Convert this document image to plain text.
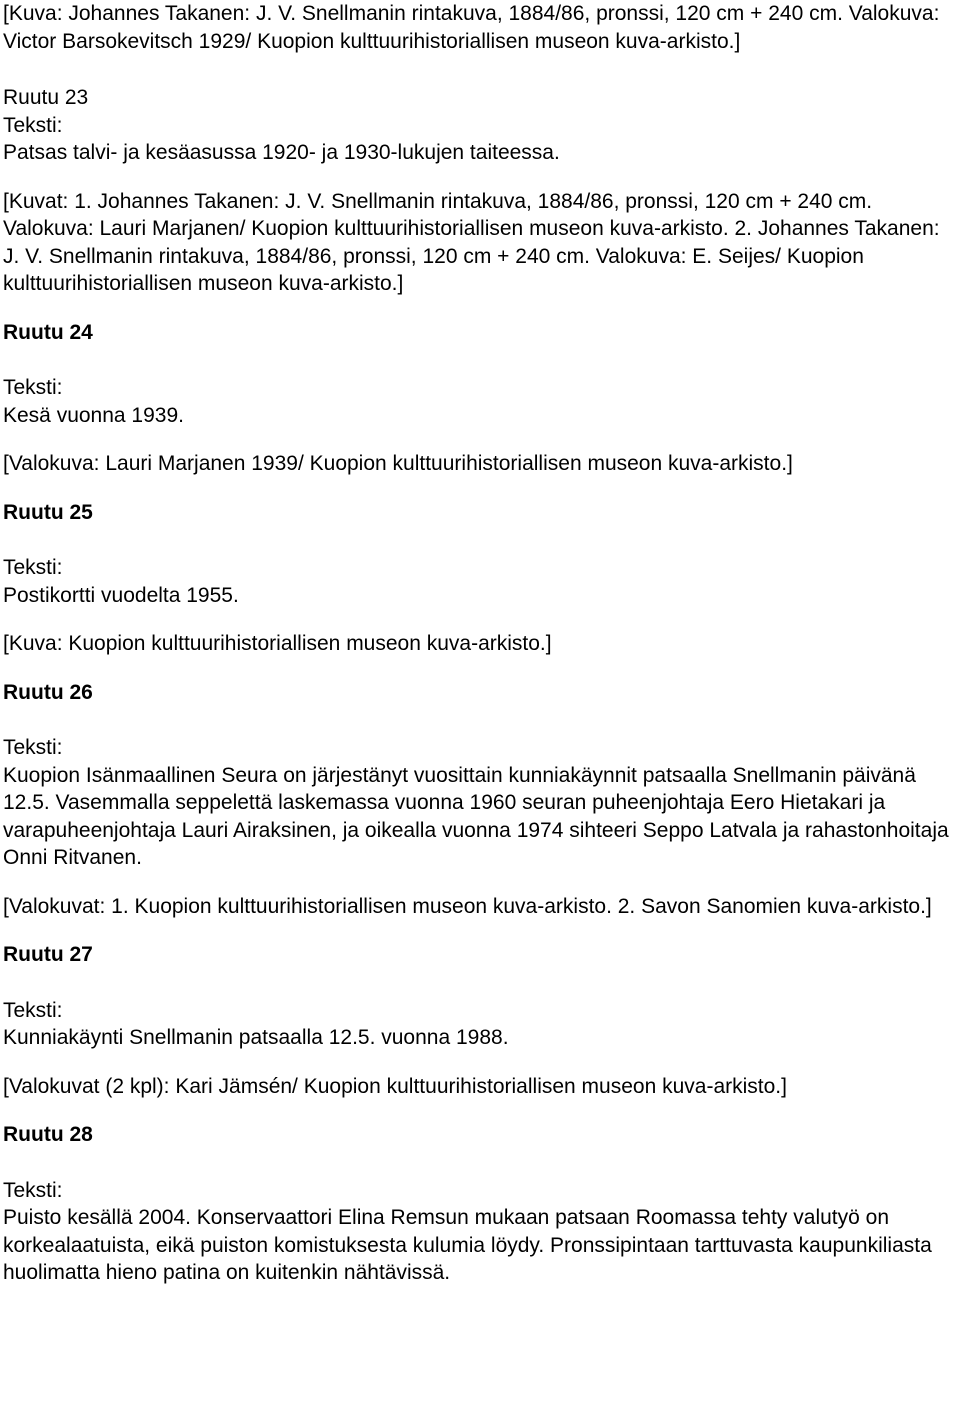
[Kuva: Johannes Takanen: J. V. Snellmanin rintakuva, 1884/86, pronssi, 120 cm + 240 cm. Valokuva: Victor Barsokevitsch 1929/ Kuopion kulttuurihistoriallisen museon kuva-arkisto.]

Ruutu 23

Teksti:

Patsas talvi- ja kesäasussa 1920- ja 1930-lukujen taiteessa.

[Kuvat: 1. Johannes Takanen: J. V. Snellmanin rintakuva, 1884/86, pronssi, 120 cm + 240 cm. Valokuva: Lauri Marjanen/ Kuopion kulttuurihistoriallisen museon kuva-arkisto. 2. Johannes Takanen: J. V. Snellmanin rintakuva, 1884/86, pronssi, 120 cm + 240 cm. Valokuva: E. Seijes/ Kuopion kulttuurihistoriallisen museon kuva-arkisto.]

Ruutu 24

Teksti:

Kesä vuonna 1939.

[Valokuva: Lauri Marjanen 1939/ Kuopion kulttuurihistoriallisen museon kuva-arkisto.]

Ruutu 25

Teksti:

Postikortti vuodelta 1955.

[Kuva: Kuopion kulttuurihistoriallisen museon kuva-arkisto.]

Ruutu 26

Teksti:

Kuopion Isänmaallinen Seura on järjestänyt vuosittain kunniakäynnit patsaalla Snellmanin päivänä 12.5. Vasemmalla seppelettä laskemassa vuonna 1960 seuran puheenjohtaja Eero Hietakari ja varapuheenjohtaja Lauri Airaksinen, ja oikealla vuonna 1974 sihteeri Seppo Latvala ja rahastonhoitaja Onni Ritvanen.

[Valokuvat: 1. Kuopion kulttuurihistoriallisen museon kuva-arkisto. 2. Savon Sanomien kuva-arkisto.]

Ruutu 27

Teksti:

Kunniakäynti Snellmanin patsaalla 12.5. vuonna 1988.

[Valokuvat (2 kpl): Kari Jämsén/ Kuopion kulttuurihistoriallisen museon kuva-arkisto.]

Ruutu 28

Teksti:

Puisto kesällä 2004. Konservaattori Elina Remsun mukaan patsaan Roomassa tehty valutyö on korkealaatuista, eikä puiston komistuksesta kulumia löydy. Pronssipintaan tarttuvasta kaupunkiliasta huolimatta hieno patina on kuitenkin nähtävissä.
